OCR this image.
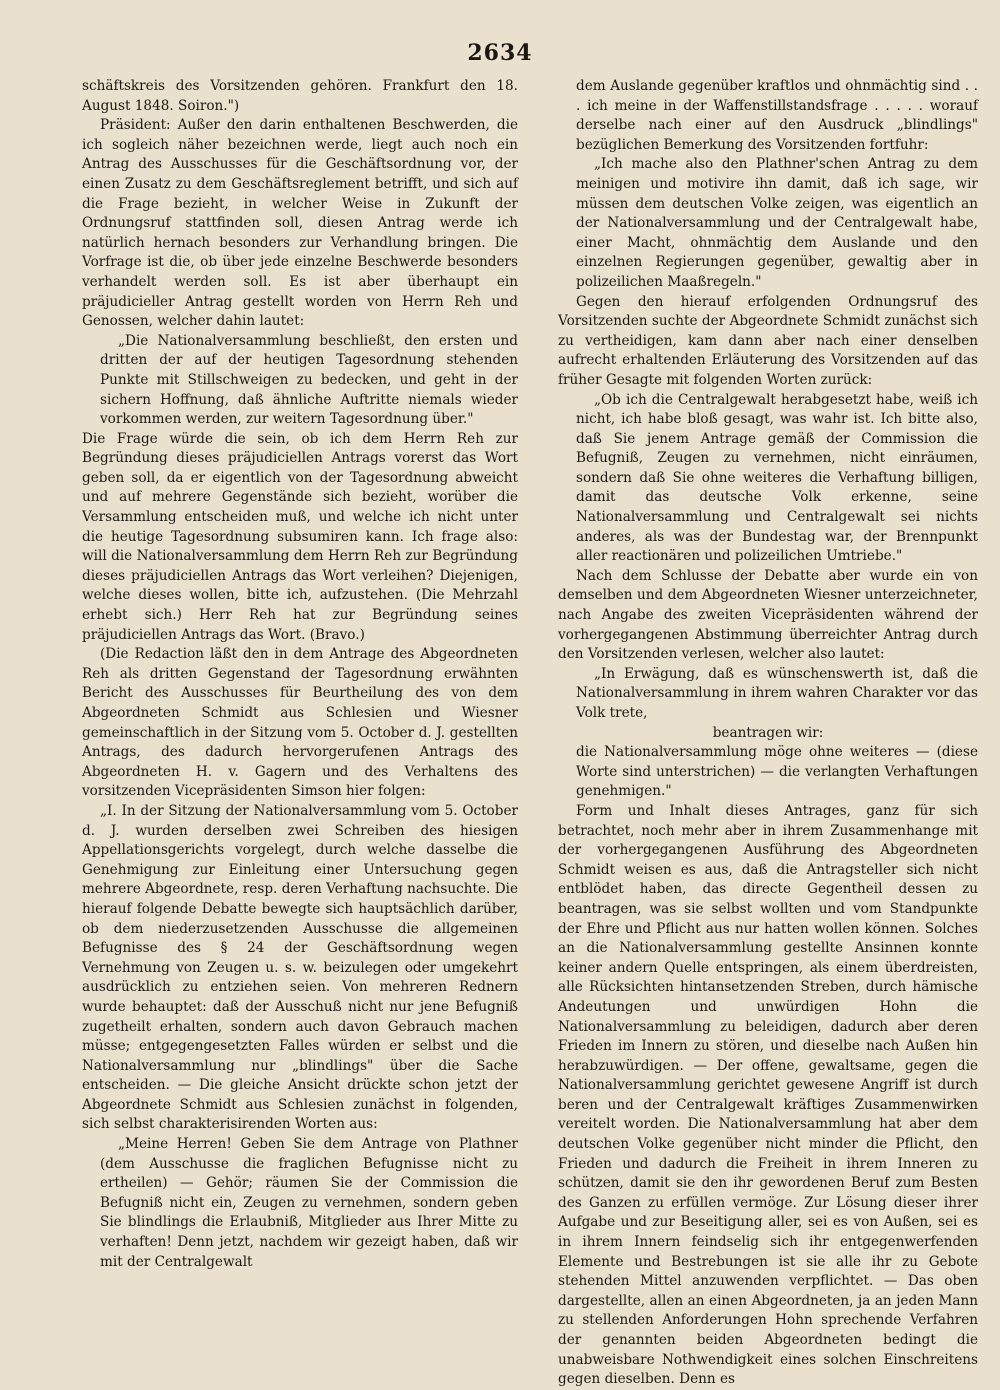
2634

schäftskreis des Vorsitzenden gehören. Frankfurt den 18. August 1848. Soiron.")

Präsident: Außer den darin enthaltenen Beschwerden, die ich sogleich näher bezeichnen werde, liegt auch noch ein Antrag des Ausschusses für die Geschäftsordnung vor, der einen Zusatz zu dem Geschäftsreglement betrifft, und sich auf die Frage bezieht, in welcher Weise in Zukunft der Ordnungsruf stattfinden soll, diesen Antrag werde ich natürlich hernach besonders zur Verhandlung bringen. Die Vorfrage ist die, ob über jede einzelne Beschwerde besonders verhandelt werden soll. Es ist aber überhaupt ein präjudicieller Antrag gestellt worden von Herrn Reh und Genossen, welcher dahin lautet:

„Die Nationalversammlung beschließt, den ersten und dritten der auf der heutigen Tagesordnung stehenden Punkte mit Stillschweigen zu bedecken, und geht in der sichern Hoffnung, daß ähnliche Auftritte niemals wieder vorkommen werden, zur weitern Tagesordnung über."

Die Frage würde die sein, ob ich dem Herrn Reh zur Begründung dieses präjudiciellen Antrags vorerst das Wort geben soll, da er eigentlich von der Tagesordnung abweicht und auf mehrere Gegenstände sich bezieht, worüber die Versammlung entscheiden muß, und welche ich nicht unter die heutige Tagesordnung subsumiren kann. Ich frage also: will die Nationalversammlung dem Herrn Reh zur Begründung dieses präjudiciellen Antrags das Wort verleihen? Diejenigen, welche dieses wollen, bitte ich, aufzustehen. (Die Mehrzahl erhebt sich.) Herr Reh hat zur Begründung seines präjudiciellen Antrags das Wort. (Bravo.)

(Die Redaction läßt den in dem Antrage des Abgeordneten Reh als dritten Gegenstand der Tagesordnung erwähnten Bericht des Ausschusses für Beurtheilung des von dem Abgeordneten Schmidt aus Schlesien und Wiesner gemeinschaftlich in der Sitzung vom 5. October d. J. gestellten Antrags, des dadurch hervorgerufenen Antrags des Abgeordneten H. v. Gagern und des Verhaltens des vorsitzenden Vicepräsidenten Simson hier folgen:

„I. In der Sitzung der Nationalversammlung vom 5. October d. J. wurden derselben zwei Schreiben des hiesigen Appellationsgerichts vorgelegt, durch welche dasselbe die Genehmigung zur Einleitung einer Untersuchung gegen mehrere Abgeordnete, resp. deren Verhaftung nachsuchte. Die hierauf folgende Debatte bewegte sich hauptsächlich darüber, ob dem niederzusetzenden Ausschusse die allgemeinen Befugnisse des § 24 der Geschäftsordnung wegen Vernehmung von Zeugen u. s. w. beizulegen oder umgekehrt ausdrücklich zu entziehen seien. Von mehreren Rednern wurde behauptet: daß der Ausschuß nicht nur jene Befugniß zugetheilt erhalten, sondern auch davon Gebrauch machen müsse; entgegengesetzten Falles würden er selbst und die Nationalversammlung nur „blindlings" über die Sache entscheiden. — Die gleiche Ansicht drückte schon jetzt der Abgeordnete Schmidt aus Schlesien zunächst in folgenden, sich selbst charakterisirenden Worten aus:

„Meine Herren! Geben Sie dem Antrage von Plathner (dem Ausschusse die fraglichen Befugnisse nicht zu ertheilen) — Gehör; räumen Sie der Commission die Befugniß nicht ein, Zeugen zu vernehmen, sondern geben Sie blindlings die Erlaubniß, Mitglieder aus Ihrer Mitte zu verhaften! Denn jetzt, nachdem wir gezeigt haben, daß wir mit der Centralgewalt

dem Auslande gegenüber kraftlos und ohnmächtig sind . . . ich meine in der Waffenstillstandsfrage . . . . . worauf derselbe nach einer auf den Ausdruck „blindlings" bezüglichen Bemerkung des Vorsitzenden fortfuhr:

„Ich mache also den Plathner'schen Antrag zu dem meinigen und motivire ihn damit, daß ich sage, wir müssen dem deutschen Volke zeigen, was eigentlich an der Nationalversammlung und der Centralgewalt habe, einer Macht, ohnmächtig dem Auslande und den einzelnen Regierungen gegenüber, gewaltig aber in polizeilichen Maaßregeln."

Gegen den hierauf erfolgenden Ordnungsruf des Vorsitzenden suchte der Abgeordnete Schmidt zunächst sich zu vertheidigen, kam dann aber nach einer denselben aufrecht erhaltenden Erläuterung des Vorsitzenden auf das früher Gesagte mit folgenden Worten zurück:

„Ob ich die Centralgewalt herabgesetzt habe, weiß ich nicht, ich habe bloß gesagt, was wahr ist. Ich bitte also, daß Sie jenem Antrage gemäß der Commission die Befugniß, Zeugen zu vernehmen, nicht einräumen, sondern daß Sie ohne weiteres die Verhaftung billigen, damit das deutsche Volk erkenne, seine Nationalversammlung und Centralgewalt sei nichts anderes, als was der Bundestag war, der Brennpunkt aller reactionären und polizeilichen Umtriebe."

Nach dem Schlusse der Debatte aber wurde ein von demselben und dem Abgeordneten Wiesner unterzeichneter, nach Angabe des zweiten Vicepräsidenten während der vorhergegangenen Abstimmung überreichter Antrag durch den Vorsitzenden verlesen, welcher also lautet:

„In Erwägung, daß es wünschenswerth ist, daß die Nationalversammlung in ihrem wahren Charakter vor das Volk trete,

beantragen wir:

die Nationalversammlung möge ohne weiteres — (diese Worte sind unterstrichen) — die verlangten Verhaftungen genehmigen."

Form und Inhalt dieses Antrages, ganz für sich betrachtet, noch mehr aber in ihrem Zusammenhange mit der vorhergegangenen Ausführung des Abgeordneten Schmidt weisen es aus, daß die Antragsteller sich nicht entblödet haben, das directe Gegentheil dessen zu beantragen, was sie selbst wollten und vom Standpunkte der Ehre und Pflicht aus nur hatten wollen können. Solches an die Nationalversammlung gestellte Ansinnen konnte keiner andern Quelle entspringen, als einem überdreisten, alle Rücksichten hintansetzenden Streben, durch hämische Andeutungen und unwürdigen Hohn die Nationalversammlung zu beleidigen, dadurch aber deren Frieden im Innern zu stören, und dieselbe nach Außen hin herabzuwürdigen. — Der offene, gewaltsame, gegen die Nationalversammlung gerichtet gewesene Angriff ist durch beren und der Centralgewalt kräftiges Zusammenwirken vereitelt worden. Die Nationalversammlung hat aber dem deutschen Volke gegenüber nicht minder die Pflicht, den Frieden und dadurch die Freiheit in ihrem Inneren zu schützen, damit sie den ihr gewordenen Beruf zum Besten des Ganzen zu erfüllen vermöge. Zur Lösung dieser ihrer Aufgabe und zur Beseitigung aller, sei es von Außen, sei es in ihrem Innern feindselig sich ihr entgegenwerfenden Elemente und Bestrebungen ist sie alle ihr zu Gebote stehenden Mittel anzuwenden verpflichtet. — Das oben dargestellte, allen an einen Abgeordneten, ja an jeden Mann zu stellenden Anforderungen Hohn sprechende Verfahren der genannten beiden Abgeordneten bedingt die unabweisbare Nothwendigkeit eines solchen Einschreitens gegen dieselben. Denn es
